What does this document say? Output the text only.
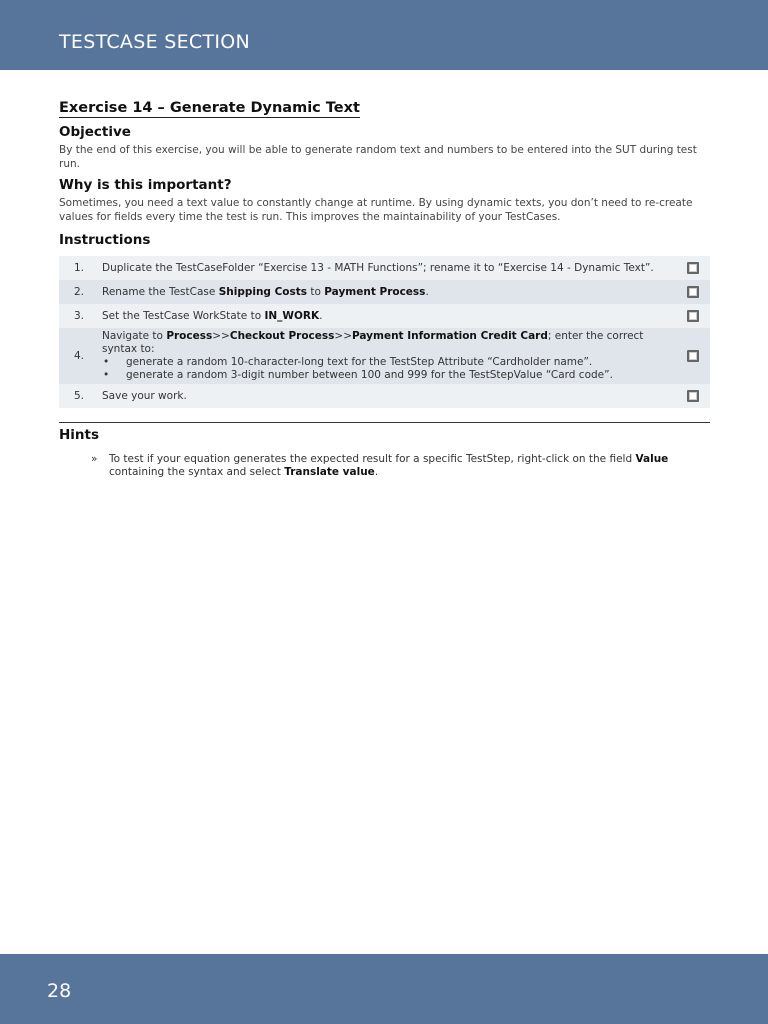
TESTCASE SECTION
Exercise 14 – Generate Dynamic Text
Objective
By the end of this exercise, you will be able to generate random text and numbers to be entered into the SUT during test run.
Why is this important?
Sometimes, you need a text value to constantly change at runtime. By using dynamic texts, you don’t need to re-create values for fields every time the test is run. This improves the maintainability of your TestCases.
Instructions
1.	Duplicate the TestCaseFolder “Exercise 13 - MATH Functions”; rename it to “Exercise 14 - Dynamic Text”.
2.	Rename the TestCase Shipping Costs to Payment Process.
3.	Set the TestCase WorkState to IN_WORK.
4.
Navigate to Process>>Checkout Process>>Payment Information Credit Card; enter the correct syntax to:
•	generate a random 10-character-long text for the TestStep Attribute “Cardholder name”.
•	generate a random 3-digit number between 100 and 999 for the TestStepValue “Card code”.
5.	Save your work.
Hints
»	To test if your equation generates the expected result for a specific TestStep, right-click on the field Value containing the syntax and select Translate value.
28
